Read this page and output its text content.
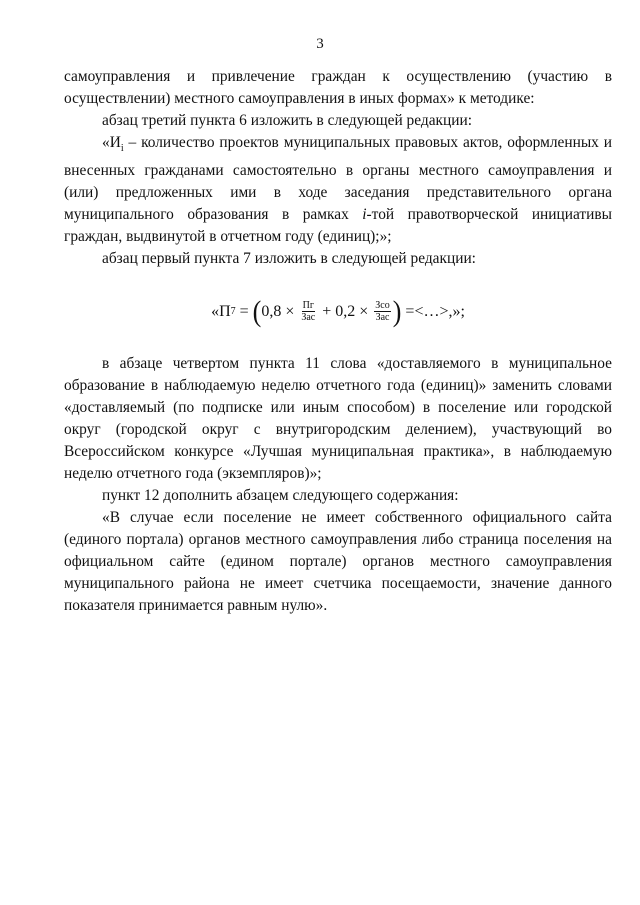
3

самоуправления и привлечение граждан к осуществлению (участию в осуществлении) местного самоуправления в иных формах» к методике:

абзац третий пункта 6 изложить в следующей редакции:

«$И_i$ – количество проектов муниципальных правовых актов, оформленных и внесенных гражданами самостоятельно в органы местного самоуправления и (или) предложенных ими в ходе заседания представительного органа муниципального образования в рамках i-той правотворческой инициативы граждан, выдвинутой в отчетном году (единиц);»;

абзац первый пункта 7 изложить в следующей редакции:

«П 7 = ( $0,8 \times \frac{Пг}{\text{Зас}} + 0,2 \times \frac{\text{Зсо}}{\text{Зас}}$ ) =<…>,»;

в абзаце четвертом пункта 11 слова «доставляемого в муниципальное образование в наблюдаемую неделю отчетного года (единиц)» заменить словами «доставляемый (по подписке или иным способом) в поселение или городской округ (городской округ с внутригородским делением), участвующий во Всероссийском конкурсе «Лучшая муниципальная практика», в наблюдаемую неделю отчетного года (экземпляров)»;

пункт 12 дополнить абзацем следующего содержания:

«В случае если поселение не имеет собственного официального сайта (единого портала) органов местного самоуправления либо страница поселения на официальном сайте (едином портале) органов местного самоуправления муниципального района не имеет счетчика посещаемости, значение данного показателя принимается равным нулю».
